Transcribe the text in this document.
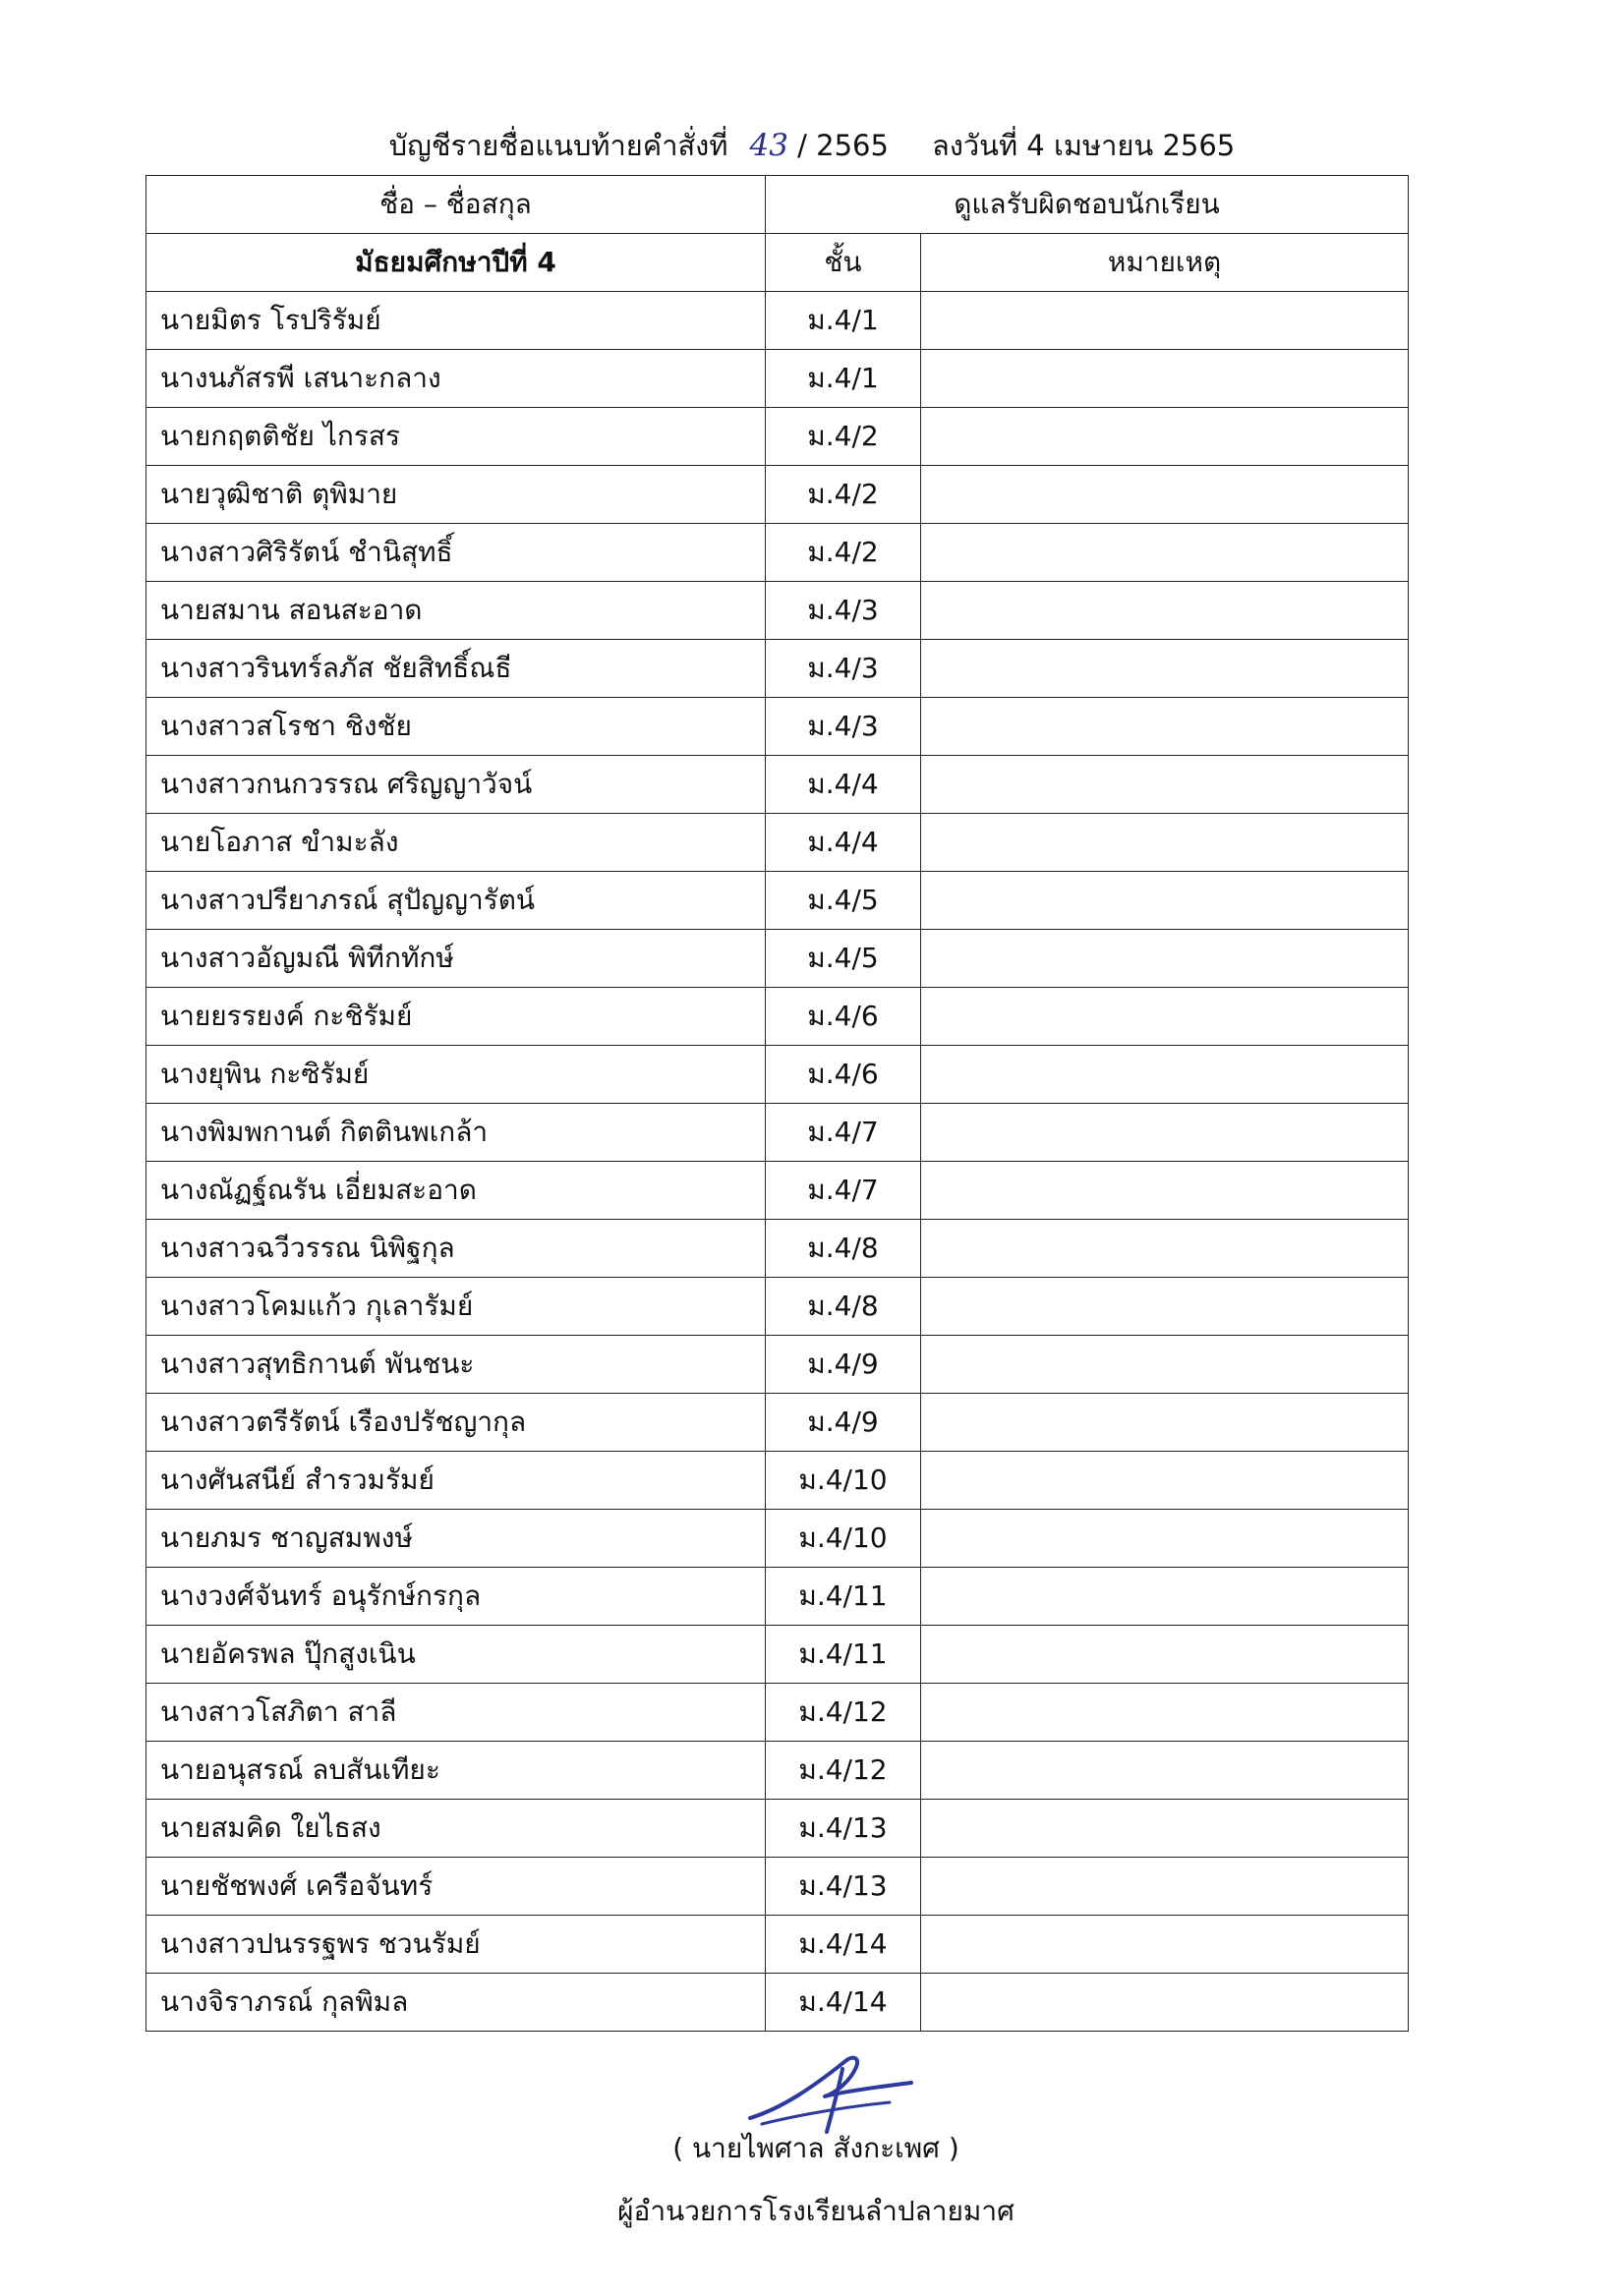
บัญชีรายชื่อแนบท้ายคำสั่งที่ 43 / 2565 ลงวันที่ 4 เมษายน 2565
ชื่อ – ชื่อสกุล	ดูแลรับผิดชอบนักเรียน	
มัธยมศึกษาปีที่ 4	ชั้น	หมายเหตุ
นายมิตร โรปริรัมย์	ม.4/1	
นางนภัสรพี เสนาะกลาง	ม.4/1	
นายกฤตติชัย ไกรสร	ม.4/2	
นายวุฒิชาติ ตุพิมาย	ม.4/2	
นางสาวศิริรัตน์ ชำนิสุทธิ์	ม.4/2	
นายสมาน สอนสะอาด	ม.4/3	
นางสาวรินทร์ลภัส ชัยสิทธิ์ณธี	ม.4/3	
นางสาวสโรชา ชิงชัย	ม.4/3	
นางสาวกนกวรรณ ศริญญาวัจน์	ม.4/4	
นายโอภาส ขำมะลัง	ม.4/4	
นางสาวปรียาภรณ์ สุปัญญารัตน์	ม.4/5	
นางสาวอัญมณี พิทีกทักษ์	ม.4/5	
นายยรรยงค์ กะชิรัมย์	ม.4/6	
นางยุพิน กะซิรัมย์	ม.4/6	
นางพิมพกานต์ กิตตินพเกล้า	ม.4/7	
นางณัฏฐ์ณรัน เอี่ยมสะอาด	ม.4/7	
นางสาวฉวีวรรณ นิพิฐกุล	ม.4/8	
นางสาวโคมแก้ว กุเลารัมย์	ม.4/8	
นางสาวสุทธิกานต์ พันชนะ	ม.4/9	
นางสาวตรีรัตน์ เรืองปรัชญากุล	ม.4/9	
นางศันสนีย์ สำรวมรัมย์	ม.4/10	
นายภมร ชาญสมพงษ์	ม.4/10	
นางวงศ์จันทร์ อนุรักษ์กรกุล	ม.4/11	
นายอัครพล ปุ๊กสูงเนิน	ม.4/11	
นางสาวโสภิตา สาลี	ม.4/12	
นายอนุสรณ์ ลบสันเทียะ	ม.4/12	
นายสมคิด ใยไธสง	ม.4/13	
นายชัชพงศ์ เครือจันทร์	ม.4/13	
นางสาวปนรรฐพร ชวนรัมย์	ม.4/14	
นางจิราภรณ์ กุลพิมล	ม.4/14	
( นายไพศาล สังกะเพศ )
ผู้อำนวยการโรงเรียนลำปลายมาศ
